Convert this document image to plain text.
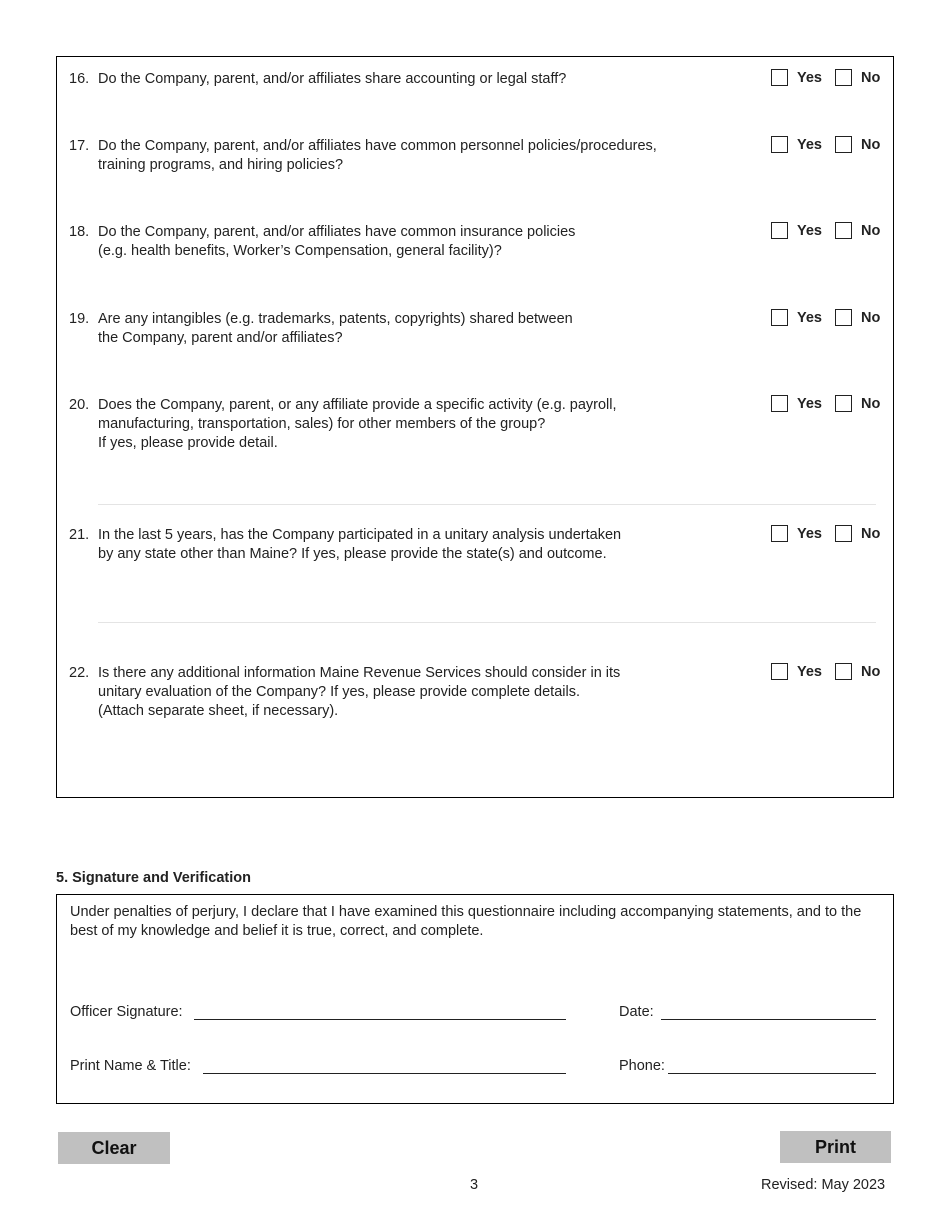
16. Do the Company, parent, and/or affiliates share accounting or legal staff?	Yes	No
17. Do the Company, parent, and/or affiliates have common personnel policies/procedures,
training programs, and hiring policies?
Yes	No
18. Do the Company, parent, and/or affiliates have common insurance policies
(e.g. health benefits, Worker’s Compensation, general facility)?
Yes	No
19. Are any intangibles (e.g. trademarks, patents, copyrights) shared between
the Company, parent and/or affiliates?
Yes	No
20. Does the Company, parent, or any affiliate provide a specific activity (e.g. payroll,
manufacturing, transportation, sales) for other members of the group?
If yes, please provide detail.
Yes	No
21. In the last 5 years, has the Company participated in a unitary analysis undertaken
by any state other than Maine? If yes, please provide the state(s) and outcome.
Yes	No
22. Is there any additional information Maine Revenue Services should consider in its
unitary evaluation of the Company? If yes, please provide complete details.
(Attach separate sheet, if necessary).
Yes	No
5. Signature and Verification
Under penalties of perjury, I declare that I have examined this questionnaire including accompanying statements, and to the best of my knowledge and belief it is true, correct, and complete.
Officer Signature:	Date:
Print Name & Title:	Phone:
Clear	Print
3	Revised: May 2023
